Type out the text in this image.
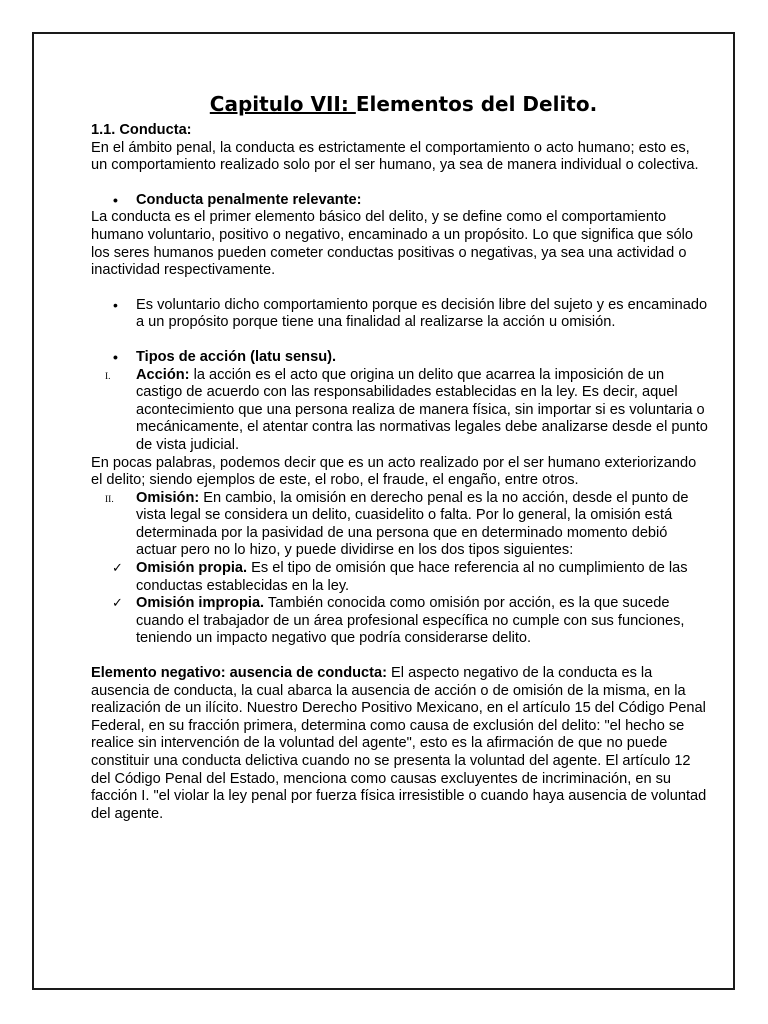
Capitulo VII: Elementos del Delito.

1.1. Conducta:

En el ámbito penal, la conducta es estrictamente el comportamiento o acto humano; esto es, un comportamiento realizado solo por el ser humano, ya sea de manera individual o colectiva.

• Conducta penalmente relevante:

La conducta es el primer elemento básico del delito, y se define como el comportamiento humano voluntario, positivo o negativo, encaminado a un propósito. Lo que significa que sólo los seres humanos pueden cometer conductas positivas o negativas, ya sea una actividad o inactividad respectivamente.

• Es voluntario dicho comportamiento porque es decisión libre del sujeto y es encaminado a un propósito porque tiene una finalidad al realizarse la acción u omisión.
• Tipos de acción (latu sensu).
I. Acción: la acción es el acto que origina un delito que acarrea la imposición de un castigo de acuerdo con las responsabilidades establecidas en la ley. Es decir, aquel acontecimiento que una persona realiza de manera física, sin importar si es voluntaria o mecánicamente, el atentar contra las normativas legales debe analizarse desde el punto de vista judicial.

En pocas palabras, podemos decir que es un acto realizado por el ser humano exteriorizando el delito; siendo ejemplos de este, el robo, el fraude, el engaño, entre otros.

II. Omisión: En cambio, la omisión en derecho penal es la no acción, desde el punto de vista legal se considera un delito, cuasidelito o falta. Por lo general, la omisión está determinada por la pasividad de una persona que en determinado momento debió actuar pero no lo hizo, y puede dividirse en los dos tipos siguientes:
✓ Omisión propia. Es el tipo de omisión que hace referencia al no cumplimiento de las conductas establecidas en la ley.
✓ Omisión impropia. También conocida como omisión por acción, es la que sucede cuando el trabajador de un área profesional específica no cumple con sus funciones, teniendo un impacto negativo que podría considerarse delito.

Elemento negativo: ausencia de conducta: El aspecto negativo de la conducta es la ausencia de conducta, la cual abarca la ausencia de acción o de omisión de la misma, en la realización de un ilícito. Nuestro Derecho Positivo Mexicano, en el artículo 15 del Código Penal Federal, en su fracción primera, determina como causa de exclusión del delito: "el hecho se realice sin intervención de la voluntad del agente", esto es la afirmación de que no puede constituir una conducta delictiva cuando no se presenta la voluntad del agente. El artículo 12 del Código Penal del Estado, menciona como causas excluyentes de incriminación, en su facción I. "el violar la ley penal por fuerza física irresistible o cuando haya ausencia de voluntad del agente.
